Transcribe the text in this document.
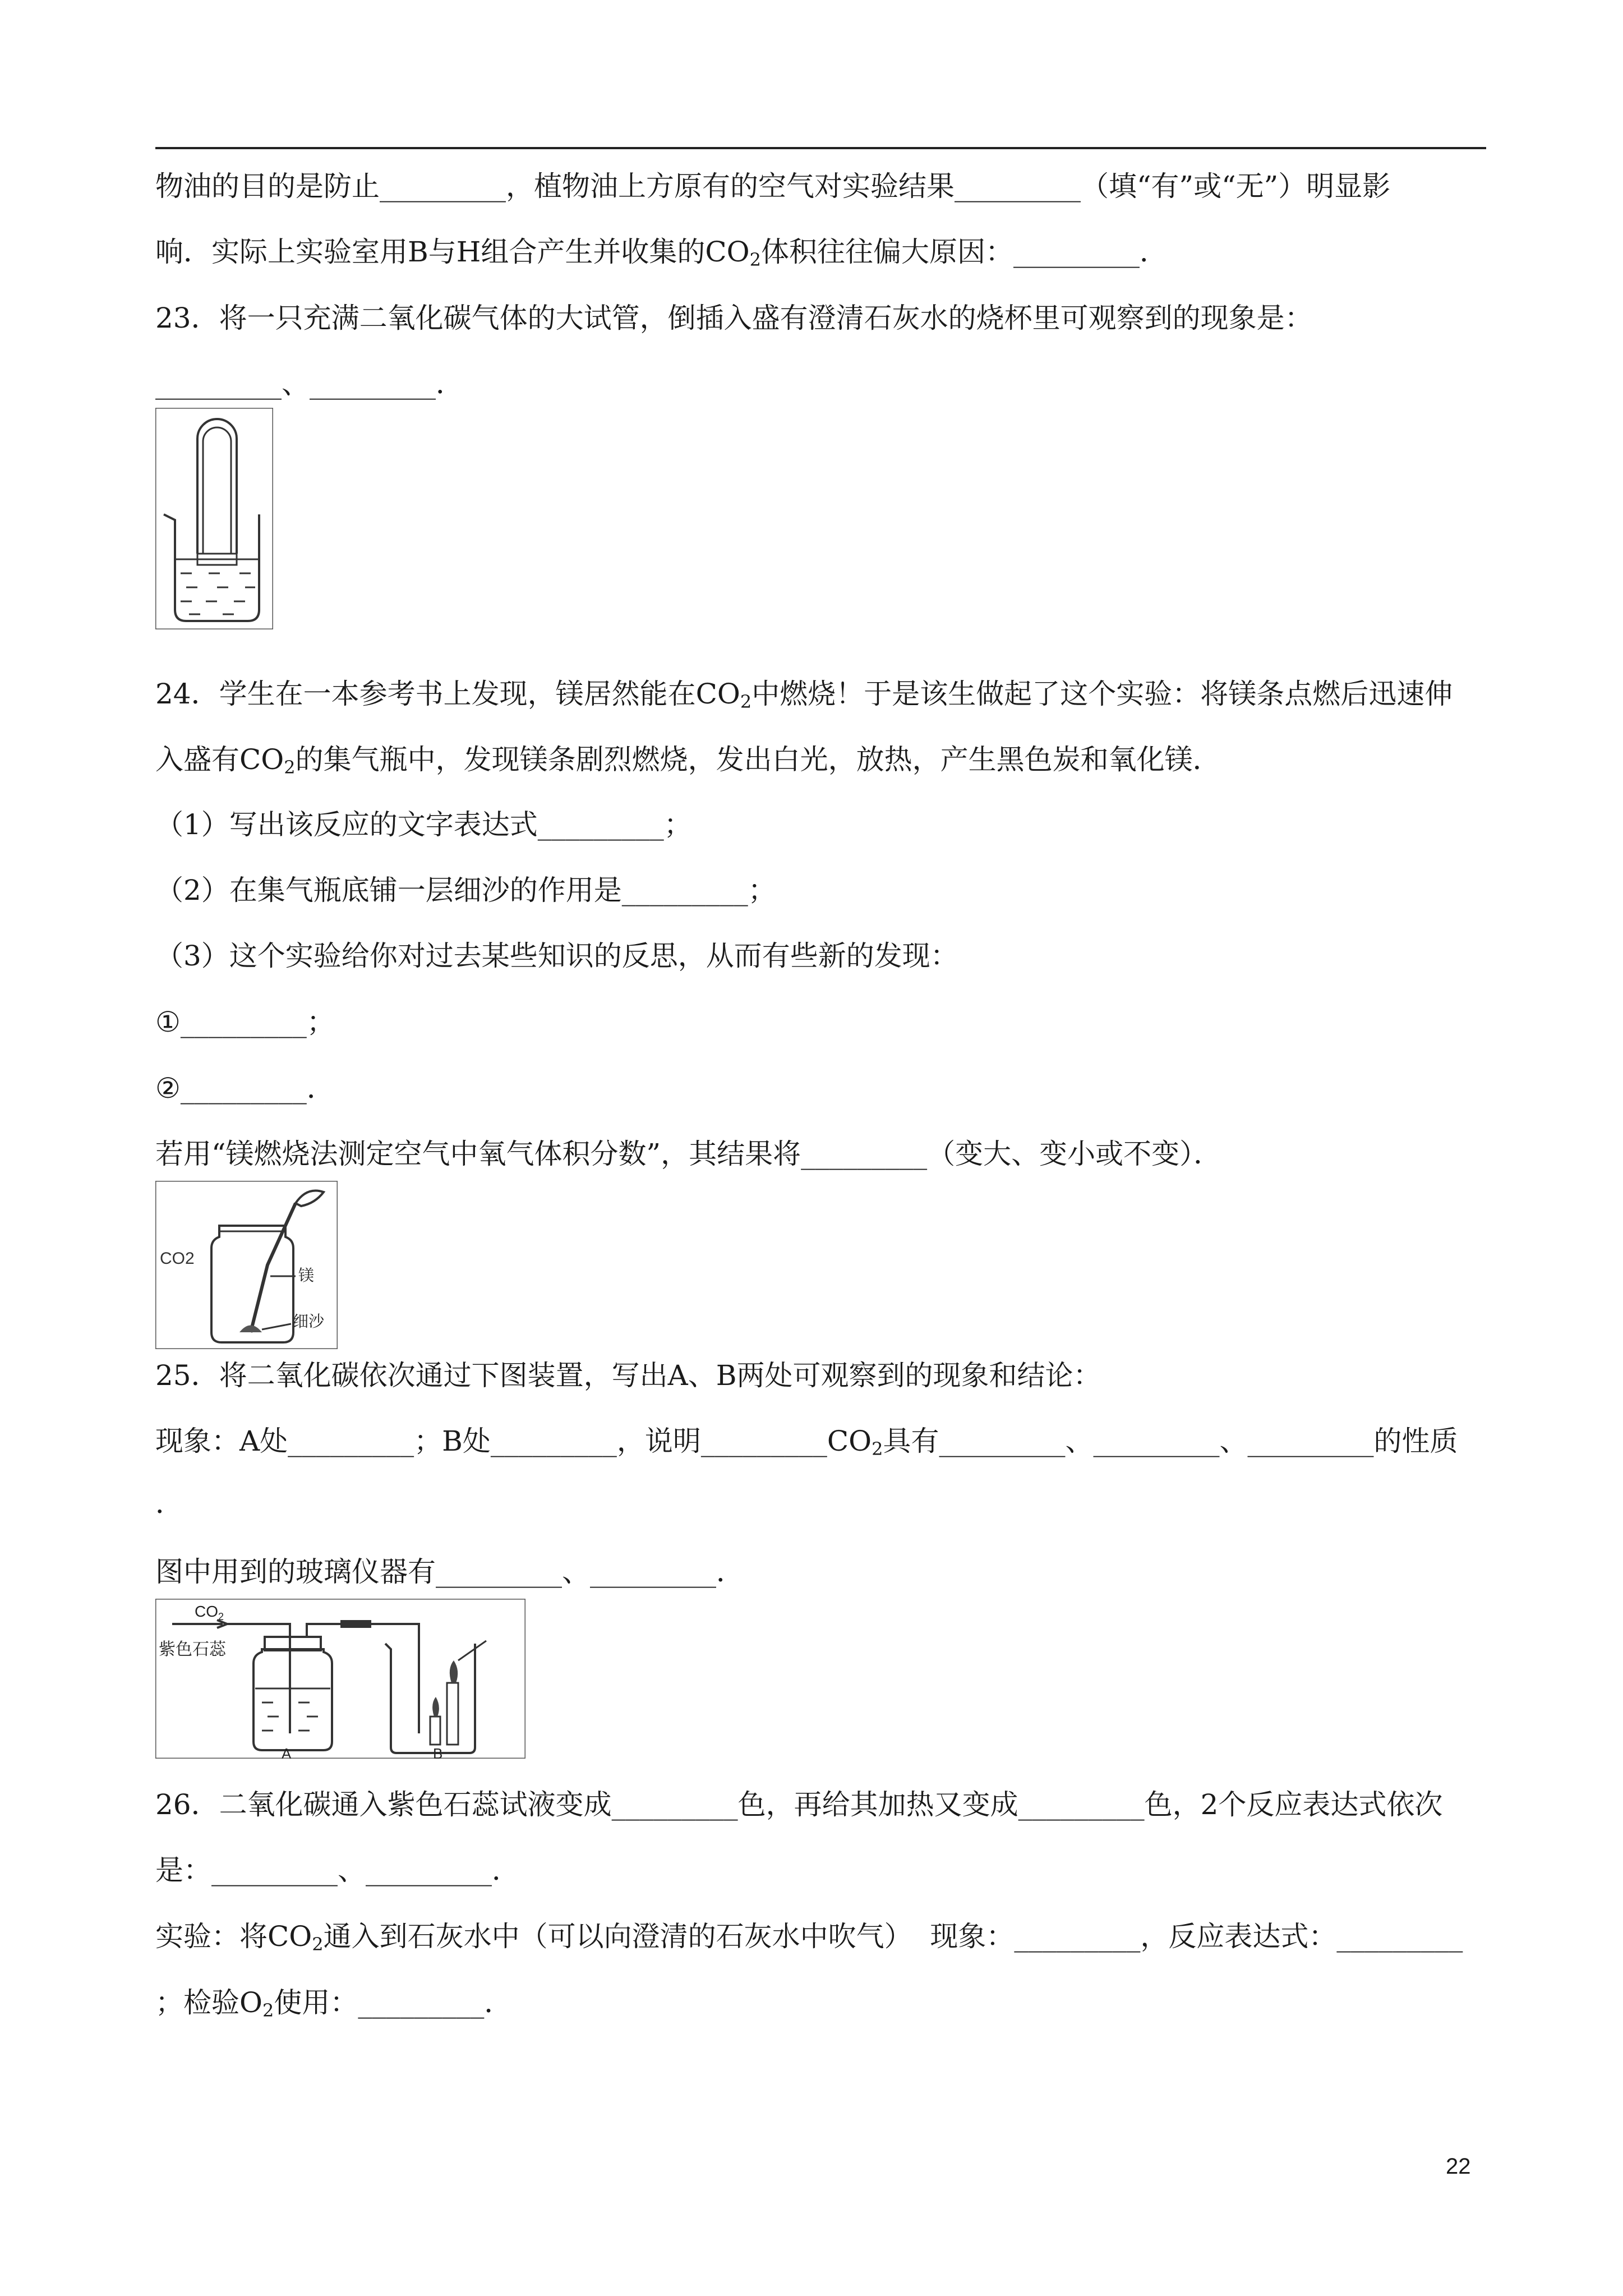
物油的目的是防止_________，植物油上方原有的空气对实验结果_________（填“有”或“无”）明显影
响．实际上实验室用B与H组合产生并收集的$CO_2$体积往往偏大原因：_________．
23．将一只充满二氧化碳气体的大试管，倒插入盛有澄清石灰水的烧杯里可观察到的现象是：
_________、_________．
24．学生在一本参考书上发现，镁居然能在$CO_2$中燃烧！于是该生做起了这个实验：将镁条点燃后迅速伸
入盛有$CO_2$的集气瓶中，发现镁条剧烈燃烧，发出白光，放热，产生黑色炭和氧化镁．
（1）写出该反应的文字表达式_________；
（2）在集气瓶底铺一层细沙的作用是_________；
（3）这个实验给你对过去某些知识的反思，从而有些新的发现：
①_________；
②_________．
若用“镁燃烧法测定空气中氧气体积分数”，其结果将_________（变大、变小或不变）．
CO2
镁
细沙
25．将二氧化碳依次通过下图装置，写出A、B两处可观察到的现象和结论：
现象：A处_________；B处_________，说明$\_\_\_\_\_\_\_\_\_CO_2$具有_________、_________、_________的性质
．
图中用到的玻璃仪器有_________、_________．
$CO_2$
紫色石蕊
A	B
26．二氧化碳通入紫色石蕊试液变成_________色，再给其加热又变成_________色，2个反应表达式依次
是：_________、_________．
实验：将$CO_2$通入到石灰水中（可以向澄清的石灰水中吹气）  现象：_________，反应表达式：_________
；检验$O_2$使用：_________．
22
